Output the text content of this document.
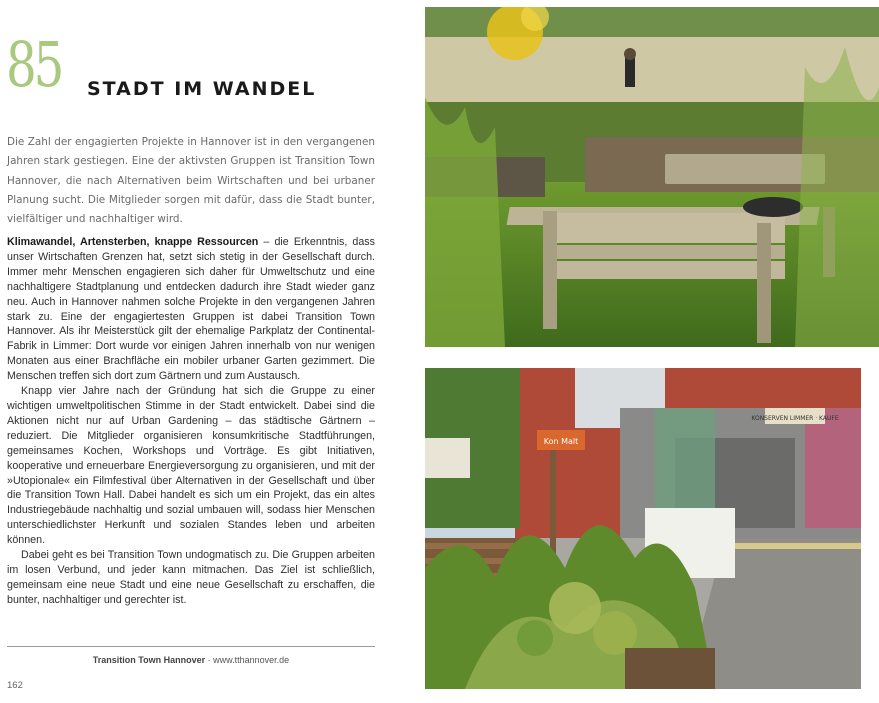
85 STADT IM WANDEL

Die Zahl der engagierten Projekte in Hannover ist in den vergangenen Jahren stark gestiegen. Eine der aktivsten Gruppen ist Transition Town Hannover, die nach Alternativen beim Wirtschaften und bei urbaner Planung sucht. Die Mitglieder sorgen mit dafür, dass die Stadt bunter, vielfältiger und nachhaltiger wird.

Klimawandel, Artensterben, knappe Ressourcen – die Erkenntnis, dass unser Wirtschaften Grenzen hat, setzt sich stetig in der Gesellschaft durch. Immer mehr Menschen engagieren sich daher für Umweltschutz und eine nachhaltigere Stadtplanung und entdecken dadurch ihre Stadt wieder ganz neu. Auch in Hannover nahmen solche Projekte in den vergangenen Jahren stark zu. Eine der engagiertesten Gruppen ist dabei Transition Town Hannover. Als ihr Meisterstück gilt der ehemalige Parkplatz der Continental-Fabrik in Limmer: Dort wurde vor einigen Jahren innerhalb von nur wenigen Monaten aus einer Brachfläche ein mobiler urbaner Garten gezimmert. Die Menschen treffen sich dort zum Gärtnern und zum Austausch.

Knapp vier Jahre nach der Gründung hat sich die Gruppe zu einer wichtigen umweltpolitischen Stimme in der Stadt entwickelt. Dabei sind die Aktionen nicht nur auf Urban Gardening – das städtische Gärtnern – reduziert. Die Mitglieder organisieren konsumkritische Stadtführungen, gemeinsames Kochen, Workshops und Vorträge. Es gibt Initiativen, kooperative und erneuerbare Energieversorgung zu organisieren, und mit der »Utopionale« ein Filmfestival über Alternativen in der Gesellschaft und über die Transition Town Hall. Dabei handelt es sich um ein Projekt, das ein altes Industriegebäude nachhaltig und sozial umbauen will, sodass hier Menschen unterschiedlichster Herkunft und sozialen Standes leben und arbeiten können.

Dabei geht es bei Transition Town undogmatisch zu. Die Gruppen arbeiten im losen Verbund, und jeder kann mitmachen. Das Ziel ist schließlich, gemeinsam eine neue Stadt und eine neue Gesellschaft zu erschaffen, die bunter, nachhaltiger und gerechter ist.

Transition Town Hannover · www.tthannover.de
162
KONSERVEN LIMMER · KAUFE
Kon Malt
